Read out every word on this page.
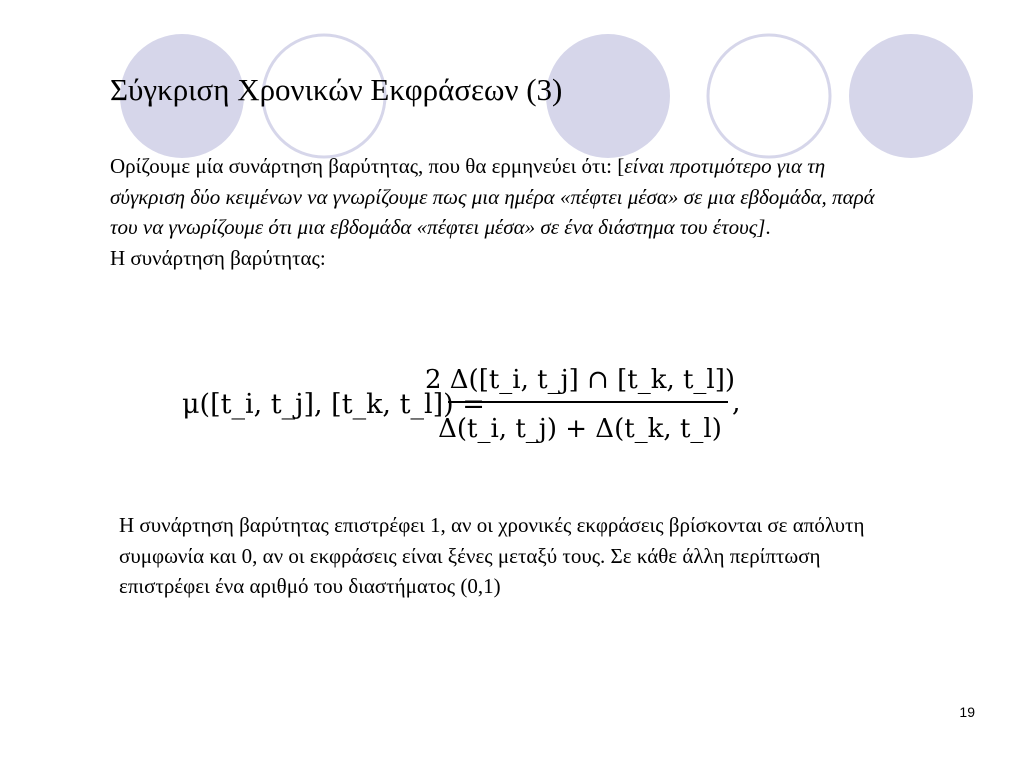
Σύγκριση Χρονικών Εκφράσεων (3)

Ορίζουμε μία συνάρτηση βαρύτητας, που θα ερμηνεύει ότι: [είναι προτιμότερο για τη σύγκριση δύο κειμένων να γνωρίζουμε πως μια ημέρα «πέφτει μέσα» σε μια εβδομάδα, παρά του να γνωρίζουμε ότι μια εβδομάδα «πέφτει μέσα» σε ένα διάστημα του έτους].

Η συνάρτηση βαρύτητας:

μ([t_i, t_j], [t_k, t_l]) =
2 Δ([t_i, t_j] ∩ [t_k, t_l])
Δ(t_i, t_j) + Δ(t_k, t_l)
,

Η συνάρτηση βαρύτητας επιστρέφει 1, αν οι χρονικές εκφράσεις βρίσκονται σε απόλυτη συμφωνία και 0, αν οι εκφράσεις είναι ξένες μεταξύ τους. Σε κάθε άλλη περίπτωση επιστρέφει ένα αριθμό του διαστήματος (0,1)

19
